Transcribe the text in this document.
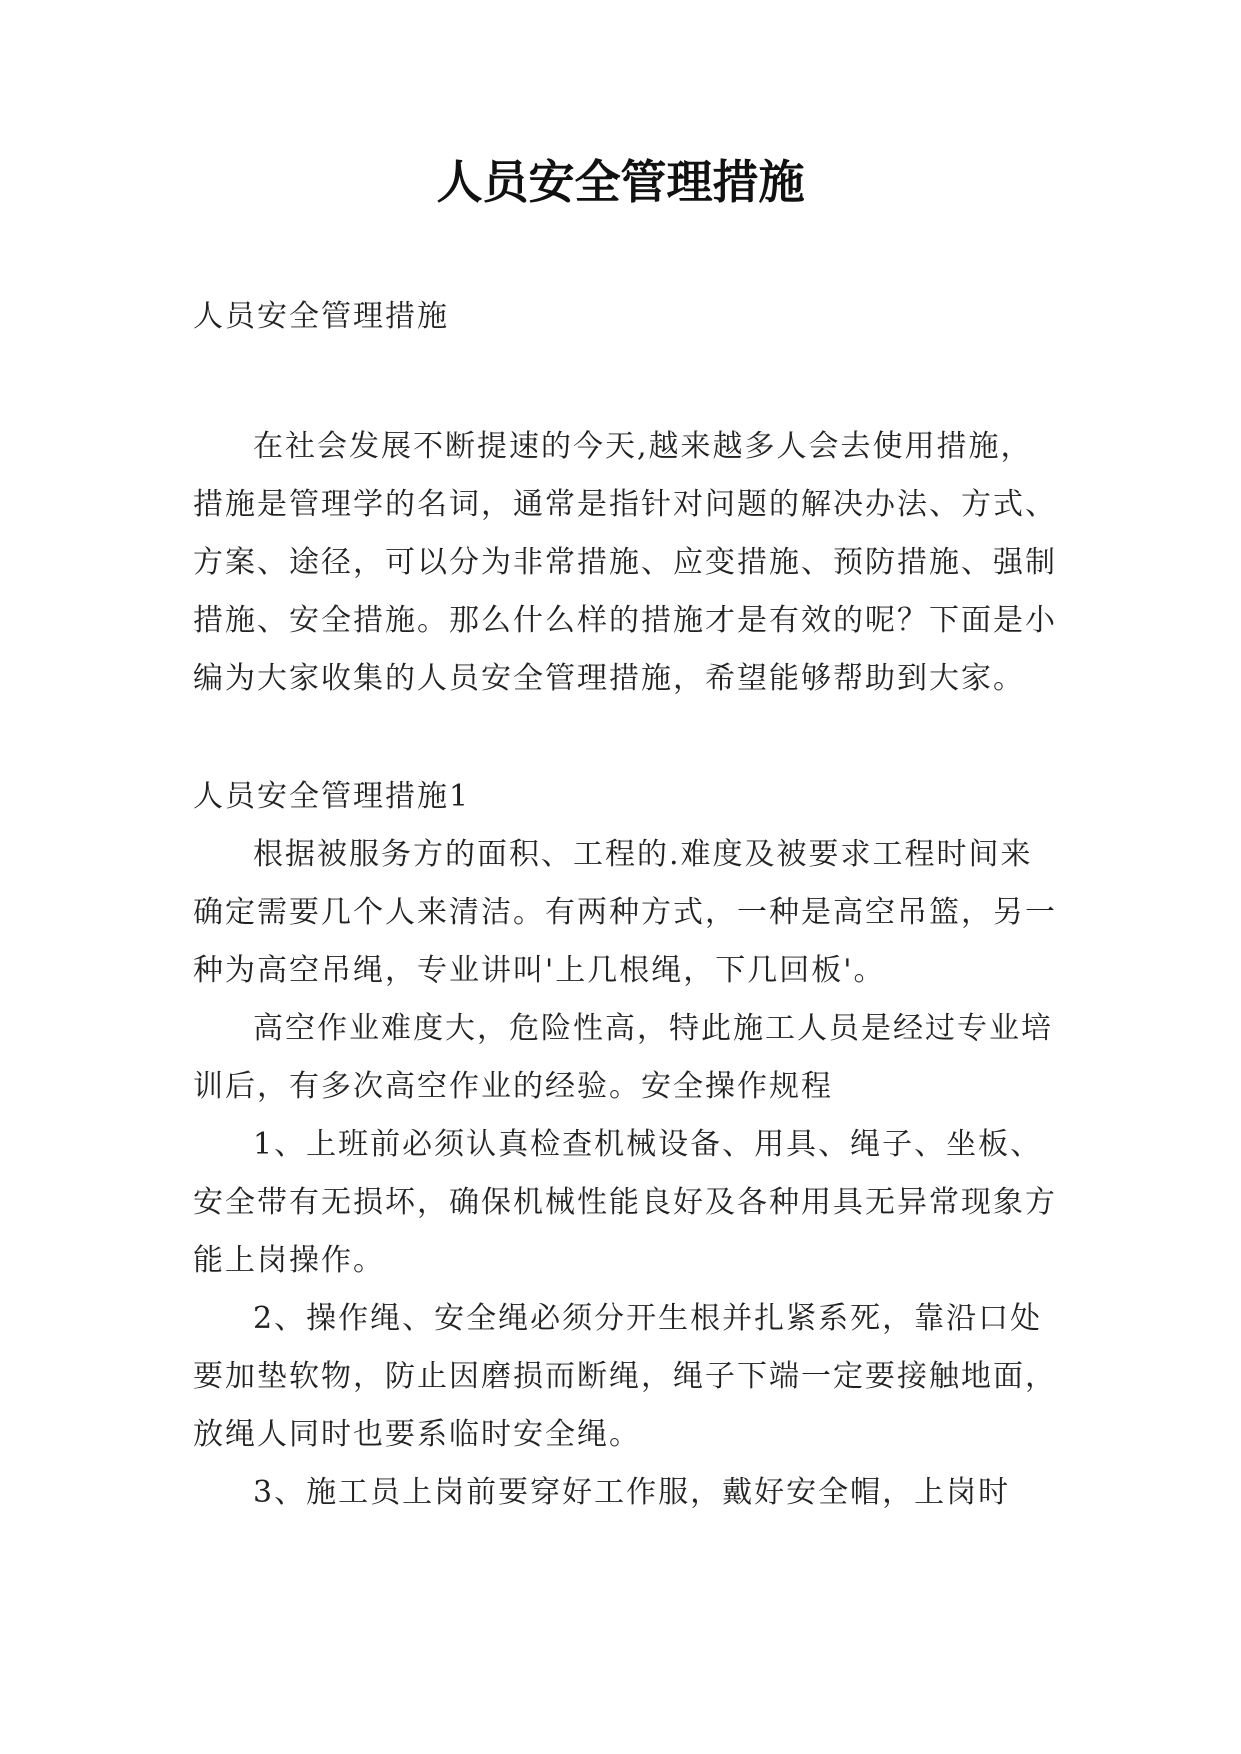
人员安全管理措施

人员安全管理措施

在社会发展不断提速的今天,越来越多人会去使用措施，措施是管理学的名词，通常是指针对问题的解决办法、方式、方案、途径，可以分为非常措施、应变措施、预防措施、强制措施、安全措施。那么什么样的措施才是有效的呢？下面是小编为大家收集的人员安全管理措施，希望能够帮助到大家。

人员安全管理措施1

根据被服务方的面积、工程的.难度及被要求工程时间来确定需要几个人来清洁。有两种方式，一种是高空吊篮，另一种为高空吊绳，专业讲叫'上几根绳，下几回板'。

高空作业难度大，危险性高，特此施工人员是经过专业培训后，有多次高空作业的经验。安全操作规程

1、上班前必须认真检查机械设备、用具、绳子、坐板、安全带有无损坏，确保机械性能良好及各种用具无异常现象方能上岗操作。

2、操作绳、安全绳必须分开生根并扎紧系死，靠沿口处要加垫软物，防止因磨损而断绳，绳子下端一定要接触地面，放绳人同时也要系临时安全绳。

3、施工员上岗前要穿好工作服，戴好安全帽，上岗时
